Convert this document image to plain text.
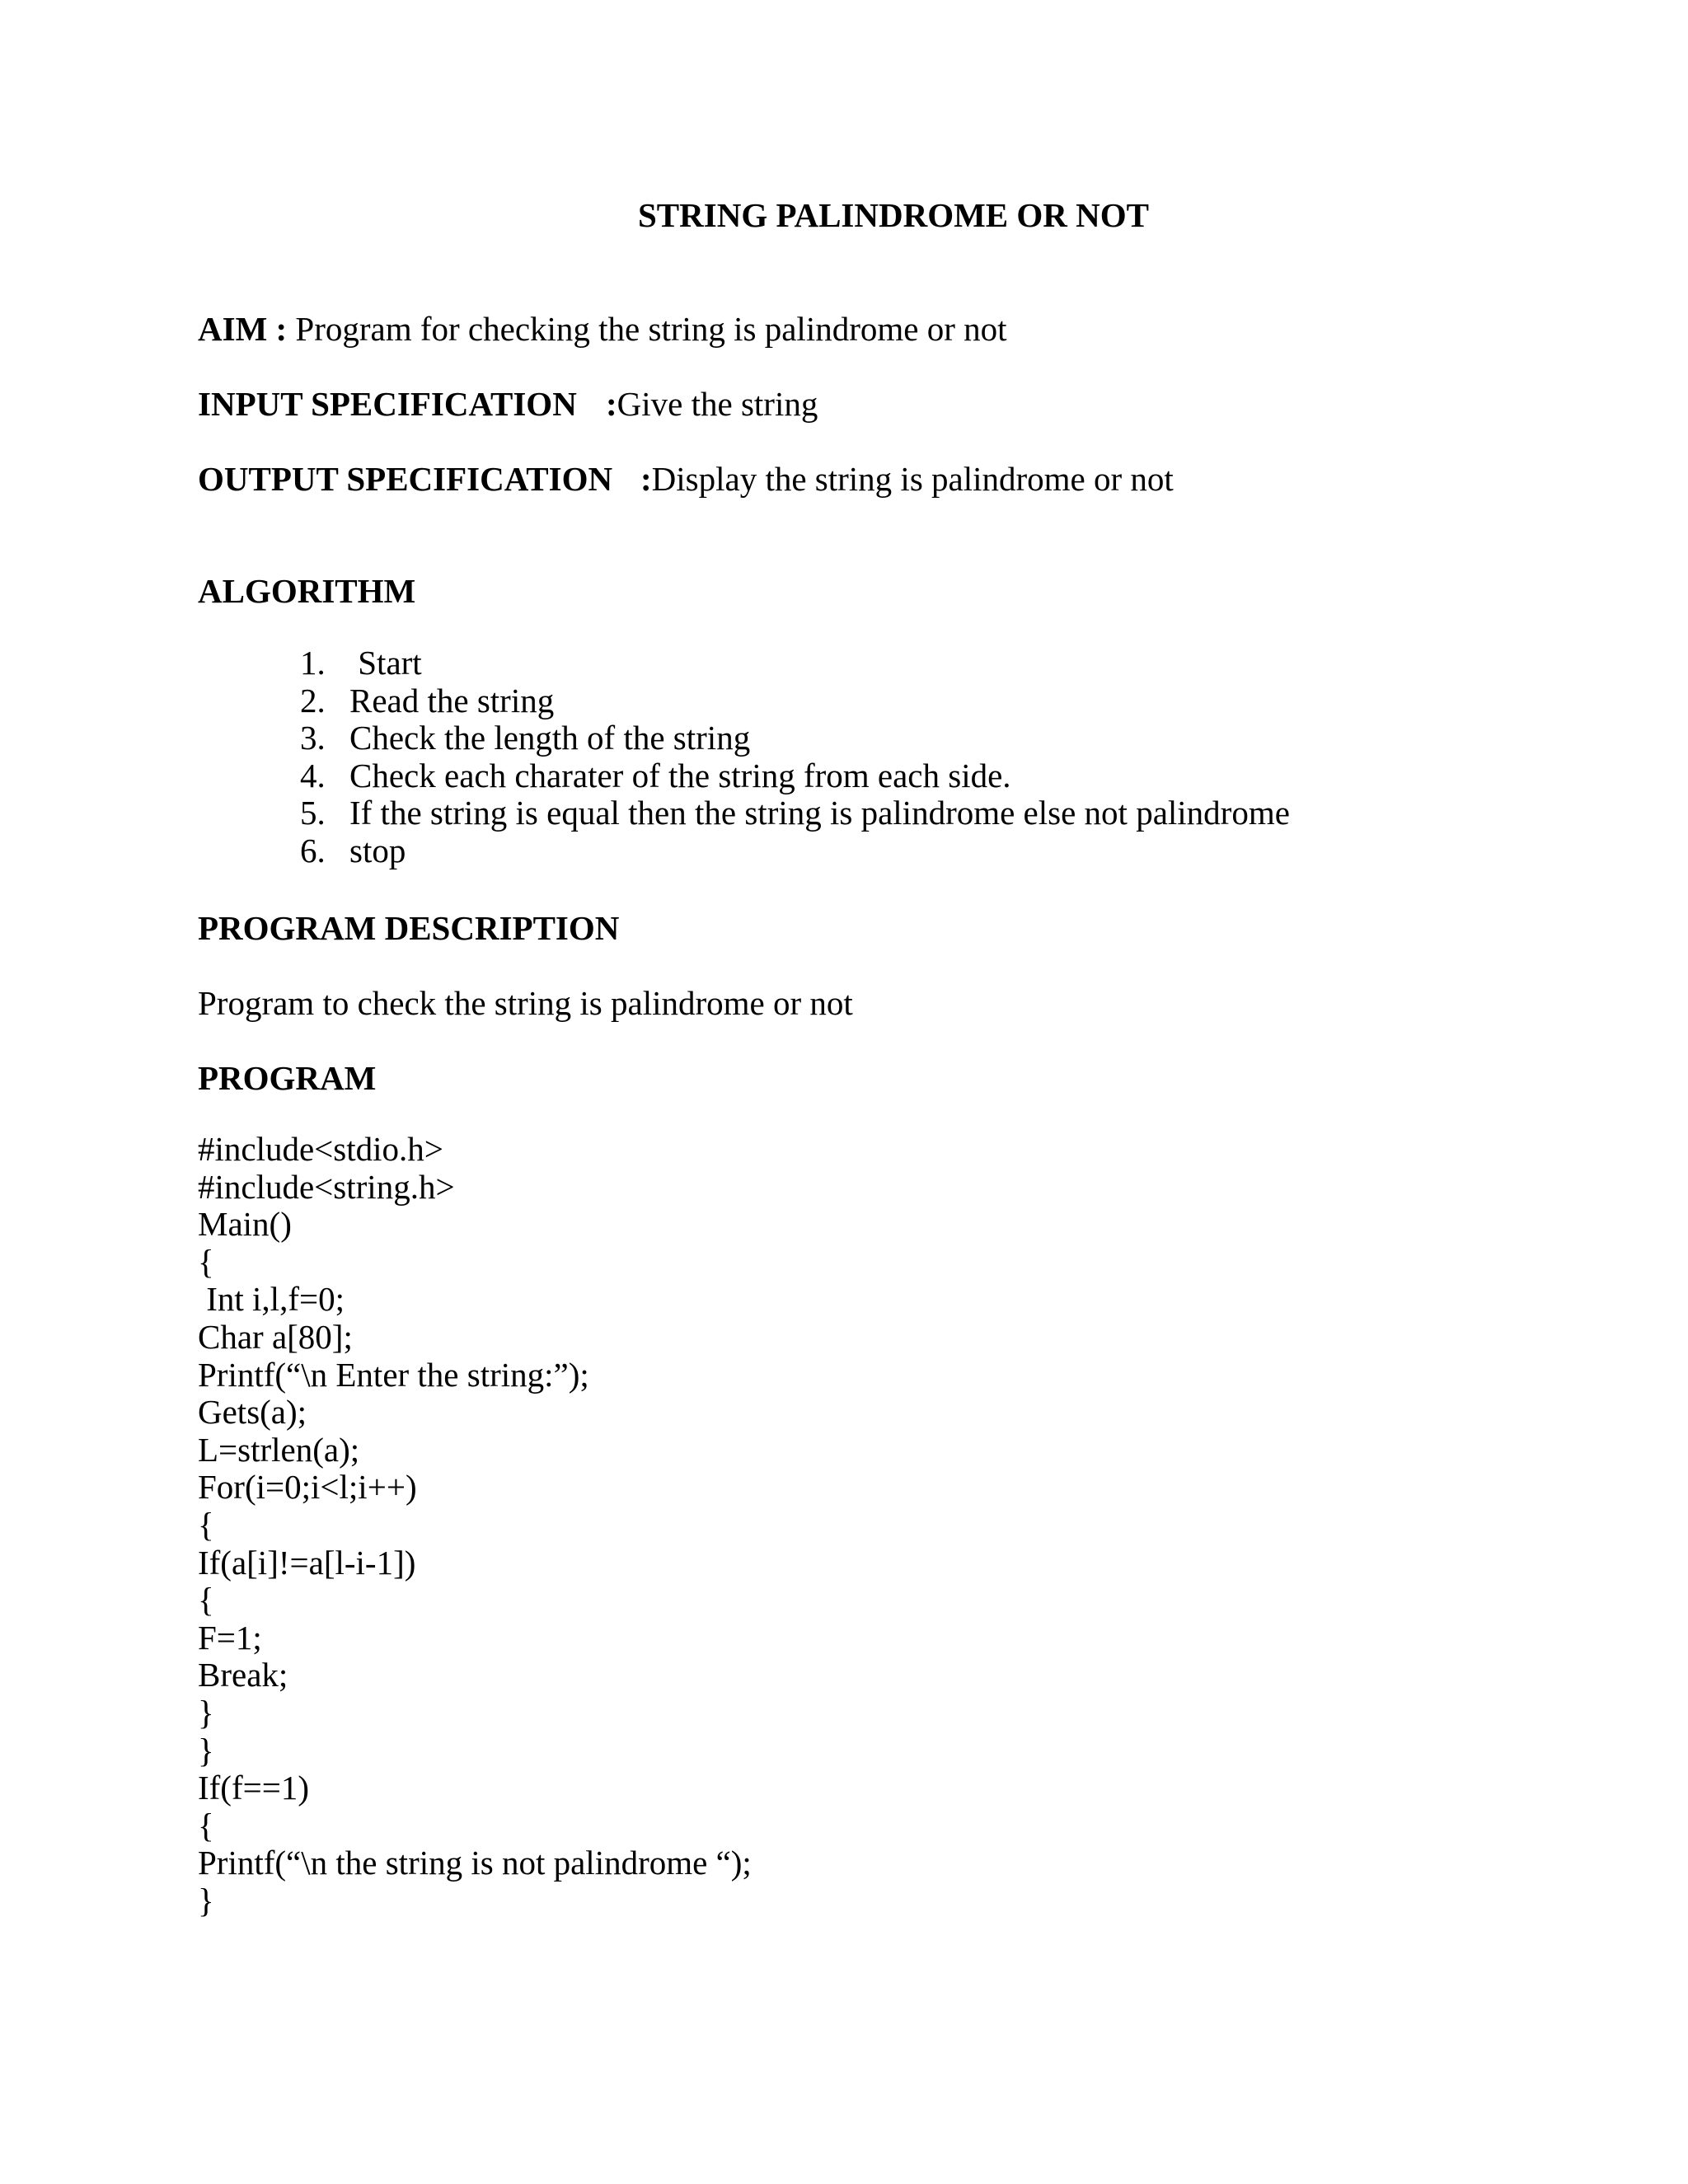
STRING PALINDROME OR NOT
AIM : Program for checking the string is palindrome or not
INPUT SPECIFICATION :Give the string
OUTPUT SPECIFICATION :Display the string is palindrome or not
ALGORITHM
1. Start
2. Read the string
3. Check the length of the string
4. Check each charater of the string from each side.
5. If the string is equal then the string is palindrome else not palindrome
6. stop
PROGRAM DESCRIPTION
Program to check the string is palindrome or not
PROGRAM
#include<stdio.h>
#include<string.h>
Main()
{
Int i,l,f=0;
Char a[80];
Printf(“\n Enter the string:”);
Gets(a);
L=strlen(a);
For(i=0;i<l;i++)
{
If(a[i]!=a[l-i-1])
{
F=1;
Break;
}
}
If(f==1)
{
Printf(“\n the string is not palindrome “);
}
